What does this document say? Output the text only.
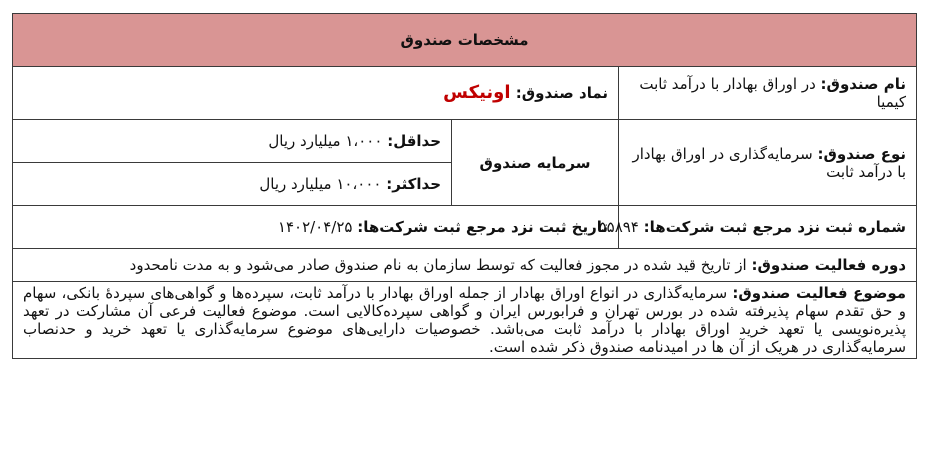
مشخصات صندوق		
نام صندوق: در اوراق بهادار با درآمد ثابت کیمیا	نماد صندوق: اونیکس	
نوع صندوق: سرمایه‌گذاری در اوراق بهادار با درآمد ثابت	سرمایه صندوق	حداقل: ۱،۰۰۰ میلیارد ریال
		حداکثر: ۱۰،۰۰۰ میلیارد ریال
شماره ثبت نزد مرجع ثبت شرکت‌ها: ۵۵۸۹۴	تاریخ ثبت نزد مرجع ثبت شرکت‌ها: ۱۴۰۲/۰۴/۲۵	
دوره فعالیت صندوق: از تاریخ قید شده در مجوز فعالیت که توسط سازمان به نام صندوق صادر می‌شود و به مدت نامحدود		
موضوع فعالیت صندوق: سرمایه‌گذاری در انواع اوراق بهادار از جمله اوراق بهادار با درآمد ثابت، سپرده‌ها و گواهی‌های سپردهٔ بانکی، سهام و حق تقدم سهام پذیرفته شده در بورس تهران و فرابورس ایران و گواهی سپرده‌کالایی است. موضوع فعالیت فرعی آن مشارکت در تعهد پذیره‌نویسی یا تعهد خرید اوراق بهادار با درآمد ثابت می‌باشد. خصوصیات دارایی‌های موضوع سرمایه‌گذاری یا تعهد خرید و حدنصاب سرمایه‌گذاری در هریک از آن ها در امیدنامه صندوق ذکر شده است.		
